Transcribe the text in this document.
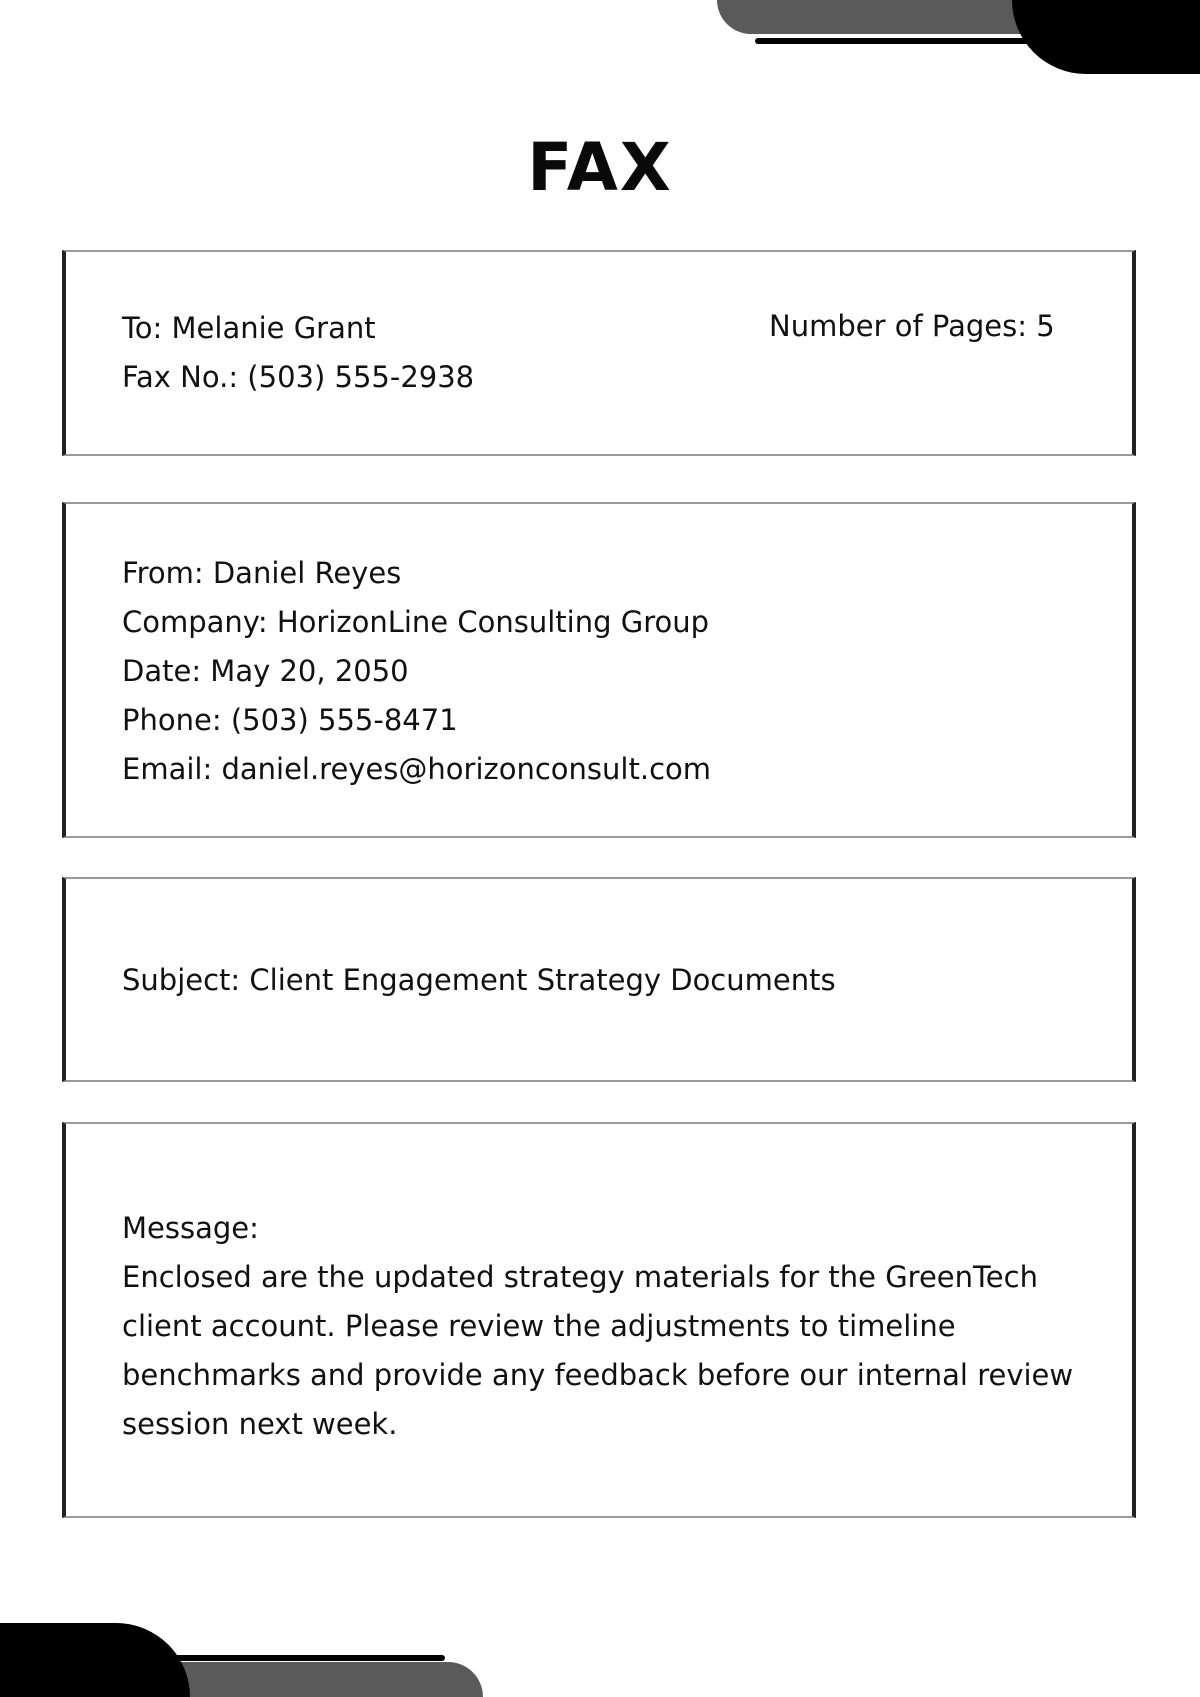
FAX
To: Melanie Grant
Fax No.: (503) 555-2938
Number of Pages: 5
From: Daniel Reyes
Company: HorizonLine Consulting Group
Date: May 20, 2050
Phone: (503) 555-8471
Email: daniel.reyes@horizonconsult.com
Subject: Client Engagement Strategy Documents

Message:

Enclosed are the updated strategy materials for the GreenTech client account. Please review the adjustments to timeline benchmarks and provide any feedback before our internal review session next week.
